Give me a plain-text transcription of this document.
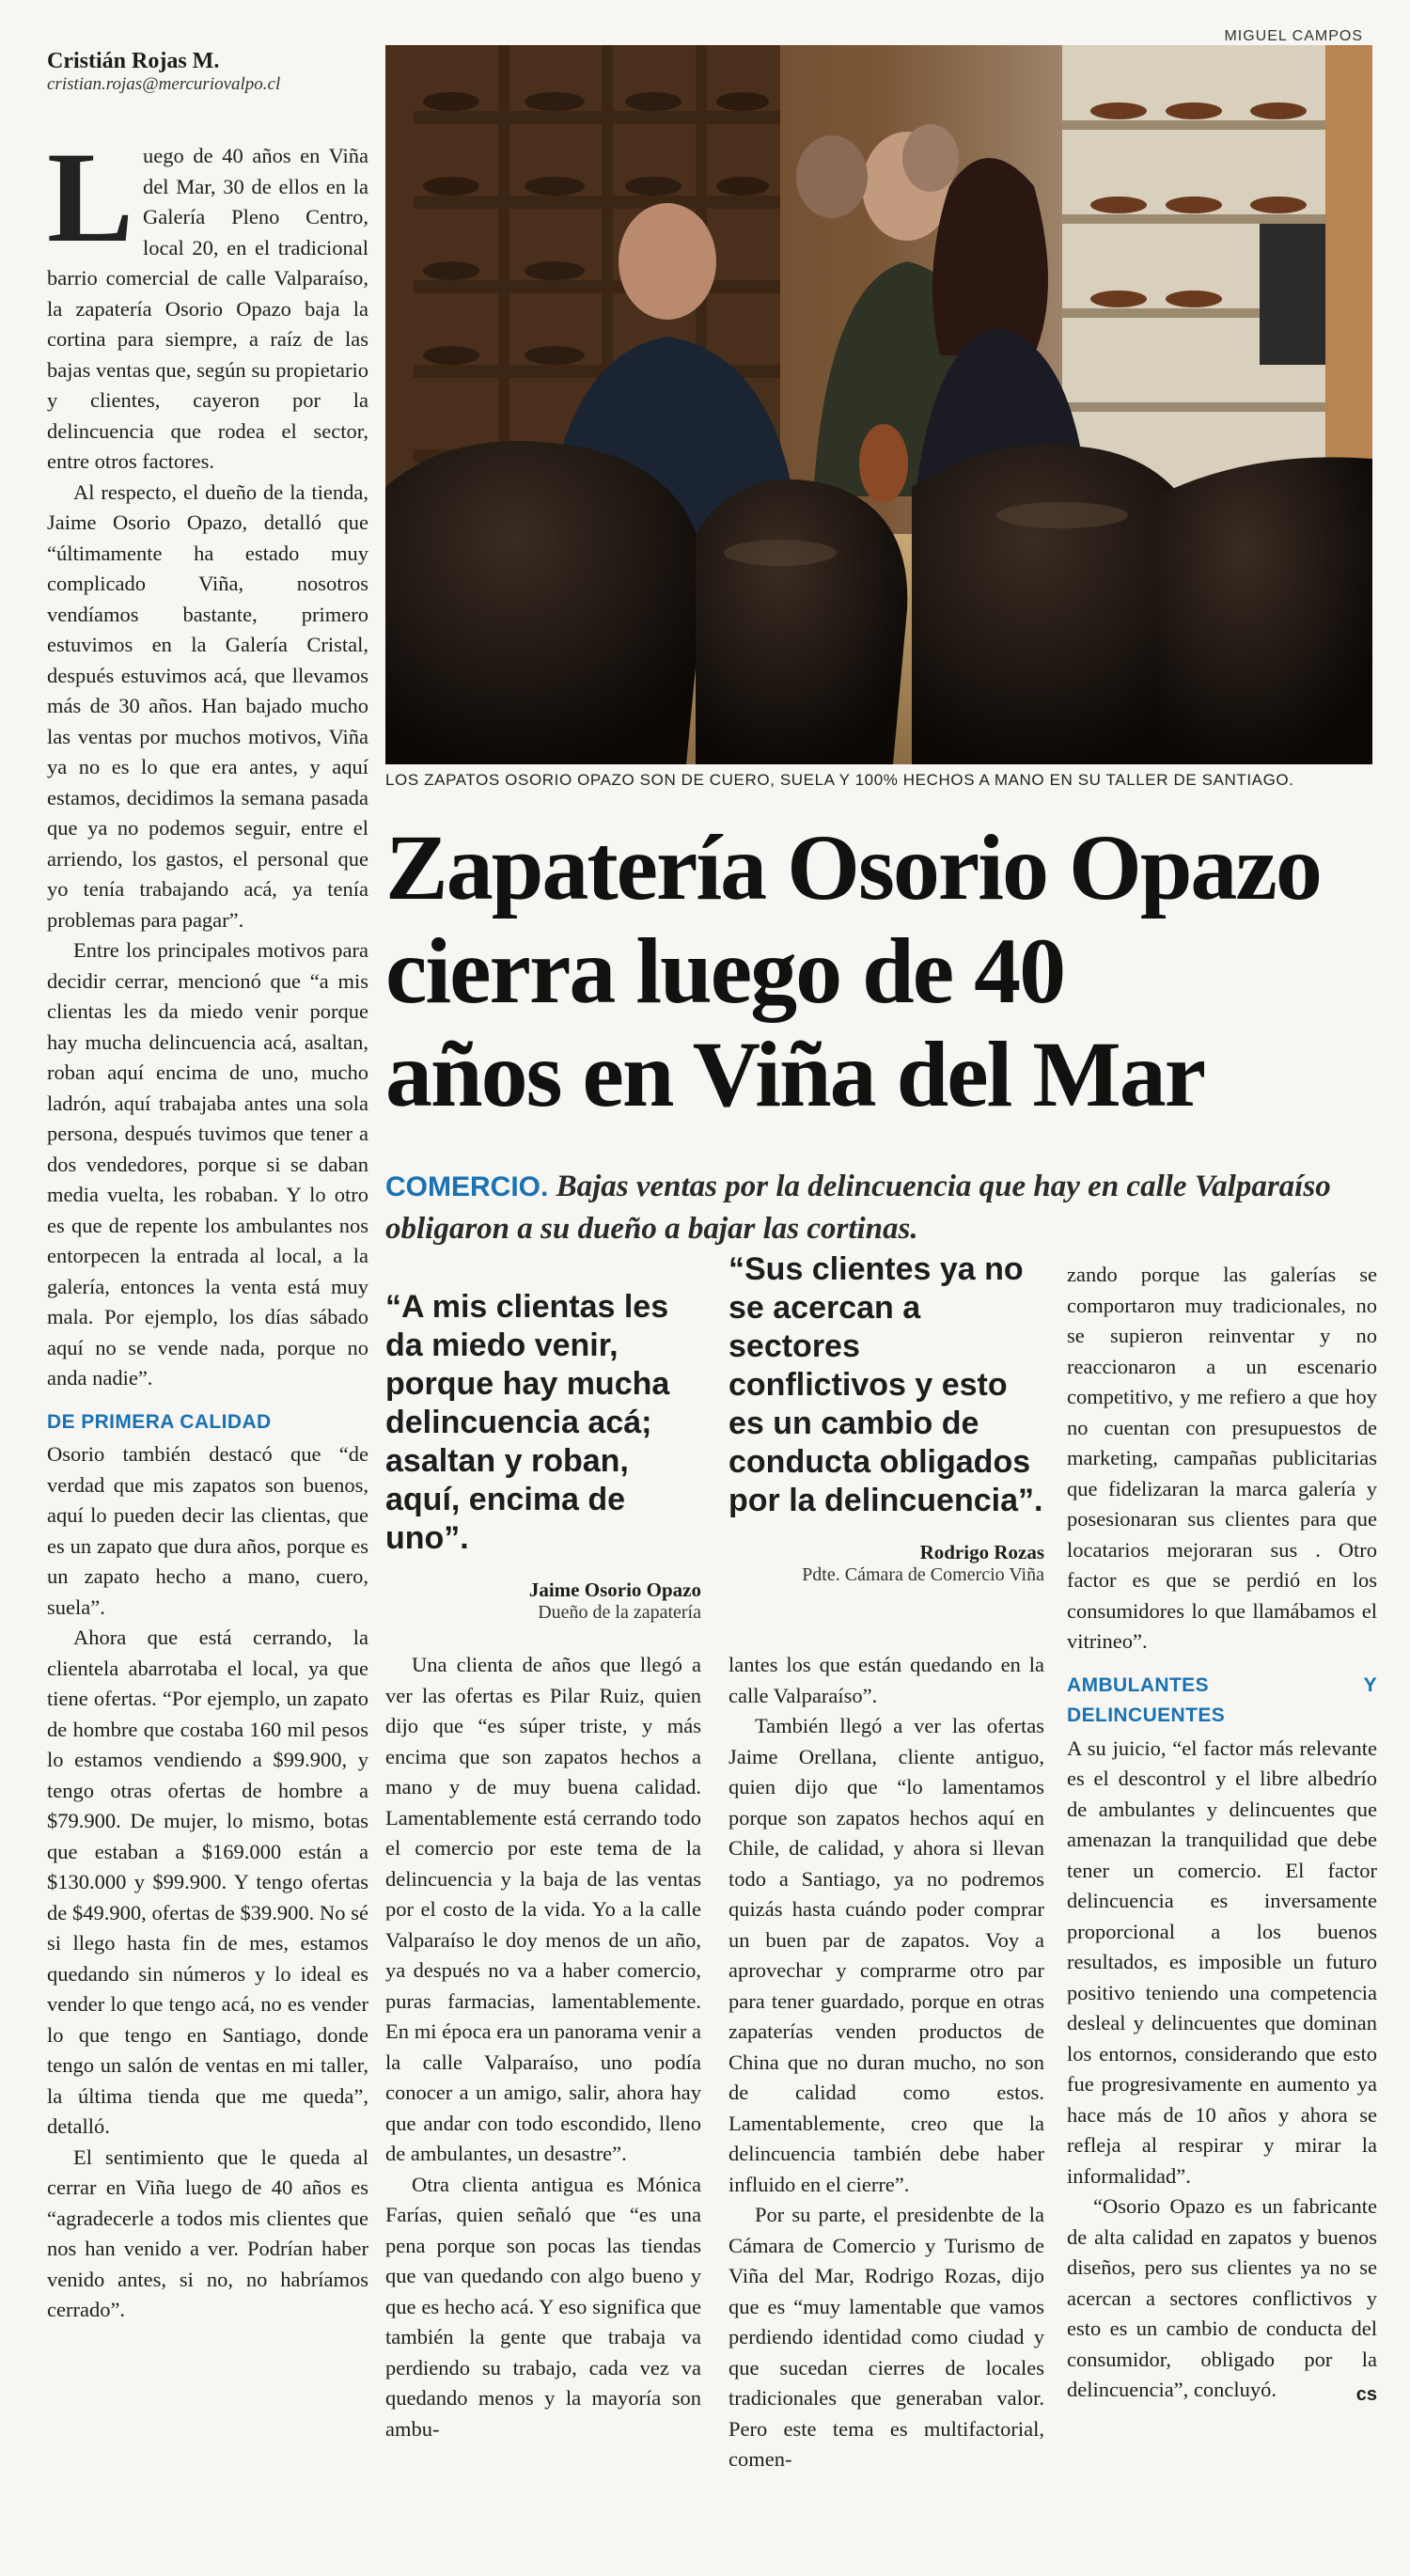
Cristián Rojas M.
cristian.rojas@mercuriovalpo.cl

Luego de 40 años en Viña del Mar, 30 de ellos en la Galería Pleno Centro, local 20, en el tradicional barrio comercial de calle Valparaíso, la zapatería Osorio Opazo baja la cortina para siempre, a raíz de las bajas ventas que, según su propietario y clientes, cayeron por la delincuencia que rodea el sector, entre otros factores.

Al respecto, el dueño de la tienda, Jaime Osorio Opazo, detalló que “últimamente ha estado muy complicado Viña, nosotros vendíamos bastante, primero estuvimos en la Galería Cristal, después estuvimos acá, que llevamos más de 30 años. Han bajado mucho las ventas por muchos motivos, Viña ya no es lo que era antes, y aquí estamos, decidimos la semana pasada que ya no podemos seguir, entre el arriendo, los gastos, el personal que yo tenía trabajando acá, ya tenía problemas para pagar”.

Entre los principales motivos para decidir cerrar, mencionó que “a mis clientas les da miedo venir porque hay mucha delincuencia acá, asaltan, roban aquí encima de uno, mucho ladrón, aquí trabajaba antes una sola persona, después tuvimos que tener a dos vendedores, porque si se daban media vuelta, les robaban. Y lo otro es que de repente los ambulantes nos entorpecen la entrada al local, a la galería, entonces la venta está muy mala. Por ejemplo, los días sábado aquí no se vende nada, porque no anda nadie”.

DE PRIMERA CALIDAD

Osorio también destacó que “de verdad que mis zapatos son buenos, aquí lo pueden decir las clientas, que es un zapato que dura años, porque es un zapato hecho a mano, cuero, suela”.

Ahora que está cerrando, la clientela abarrotaba el local, ya que tiene ofertas. “Por ejemplo, un zapato de hombre que costaba 160 mil pesos lo estamos vendiendo a $99.900, y tengo otras ofertas de hombre a $79.900. De mujer, lo mismo, botas que estaban a $169.000 están a $130.000 y $99.900. Y tengo ofertas de $49.900, ofertas de $39.900. No sé si llego hasta fin de mes, estamos quedando sin números y lo ideal es vender lo que tengo acá, no es vender lo que tengo en Santiago, donde tengo un salón de ventas en mi taller, la última tienda que me queda”, detalló.

El sentimiento que le queda al cerrar en Viña luego de 40 años es “agradecerle a todos mis clientes que nos han venido a ver. Podrían haber venido antes, si no, no habríamos cerrado”.

MIGUEL CAMPOS
LOS ZAPATOS OSORIO OPAZO SON DE CUERO, SUELA Y 100% HECHOS A MANO EN SU TALLER DE SANTIAGO.
Zapatería Osorio Opazo
cierra luego de 40
años en Viña del Mar
COMERCIO. Bajas ventas por la delincuencia que hay en calle Valparaíso obligaron a su dueño a bajar las cortinas.
“A mis clientas les da miedo venir, porque hay mucha delincuencia acá; asaltan y roban, aquí, encima de uno”.
Jaime Osorio Opazo
Dueño de la zapatería
“Sus clientes ya no se acercan a sectores conflictivos y esto es un cambio de conducta obligados por la delincuencia”.
Rodrigo Rozas
Pdte. Cámara de Comercio Viña

Una clienta de años que llegó a ver las ofertas es Pilar Ruiz, quien dijo que “es súper triste, y más encima que son zapatos hechos a mano y de muy buena calidad. Lamentablemente está cerrando todo el comercio por este tema de la delincuencia y la baja de las ventas por el costo de la vida. Yo a la calle Valparaíso le doy menos de un año, ya después no va a haber comercio, puras farmacias, lamentablemente. En mi época era un panorama venir a la calle Valparaíso, uno podía conocer a un amigo, salir, ahora hay que andar con todo escondido, lleno de ambulantes, un desastre”.

Otra clienta antigua es Mónica Farías, quien señaló que “es una pena porque son pocas las tiendas que van quedando con algo bueno y que es hecho acá. Y eso significa que también la gente que trabaja va perdiendo su trabajo, cada vez va quedando menos y la mayoría son ambu-

lantes los que están quedando en la calle Valparaíso”.

También llegó a ver las ofertas Jaime Orellana, cliente antiguo, quien dijo que “lo lamentamos porque son zapatos hechos aquí en Chile, de calidad, y ahora si llevan todo a Santiago, ya no podremos quizás hasta cuándo poder comprar un buen par de zapatos. Voy a aprovechar y comprarme otro par para tener guardado, porque en otras zapaterías venden productos de China que no duran mucho, no son de calidad como estos. Lamentablemente, creo que la delincuencia también debe haber influido en el cierre”.

Por su parte, el presidenbte de la Cámara de Comercio y Turismo de Viña del Mar, Rodrigo Rozas, dijo que es “muy lamentable que vamos perdiendo identidad como ciudad y que sucedan cierres de locales tradicionales que generaban valor. Pero este tema es multifactorial, comen-

zando porque las galerías se comportaron muy tradicionales, no se supieron reinventar y no reaccionaron a un escenario competitivo, y me refiero a que hoy no cuentan con presupuestos de marketing, campañas publicitarias que fidelizaran la marca galería y posesionaran sus clientes para que locatarios mejoraran sus . Otro factor es que se perdió en los consumidores lo que llamábamos el vitrineo”.

AMBULANTES Y DELINCUENTES

A su juicio, “el factor más relevante es el descontrol y el libre albedrío de ambulantes y delincuentes que amenazan la tranquilidad que debe tener un comercio. El factor delincuencia es inversamente proporcional a los buenos resultados, es imposible un futuro positivo teniendo una competencia desleal y delincuentes que dominan los entornos, considerando que esto fue progresivamente en aumento ya hace más de 10 años y ahora se refleja al respirar y mirar la informalidad”.

“Osorio Opazo es un fabricante de alta calidad en zapatos y buenos diseños, pero sus clientes ya no se acercan a sectores conflictivos y esto es un cambio de conducta del consumidor, obligado por la delincuencia”, concluyó.	cs
